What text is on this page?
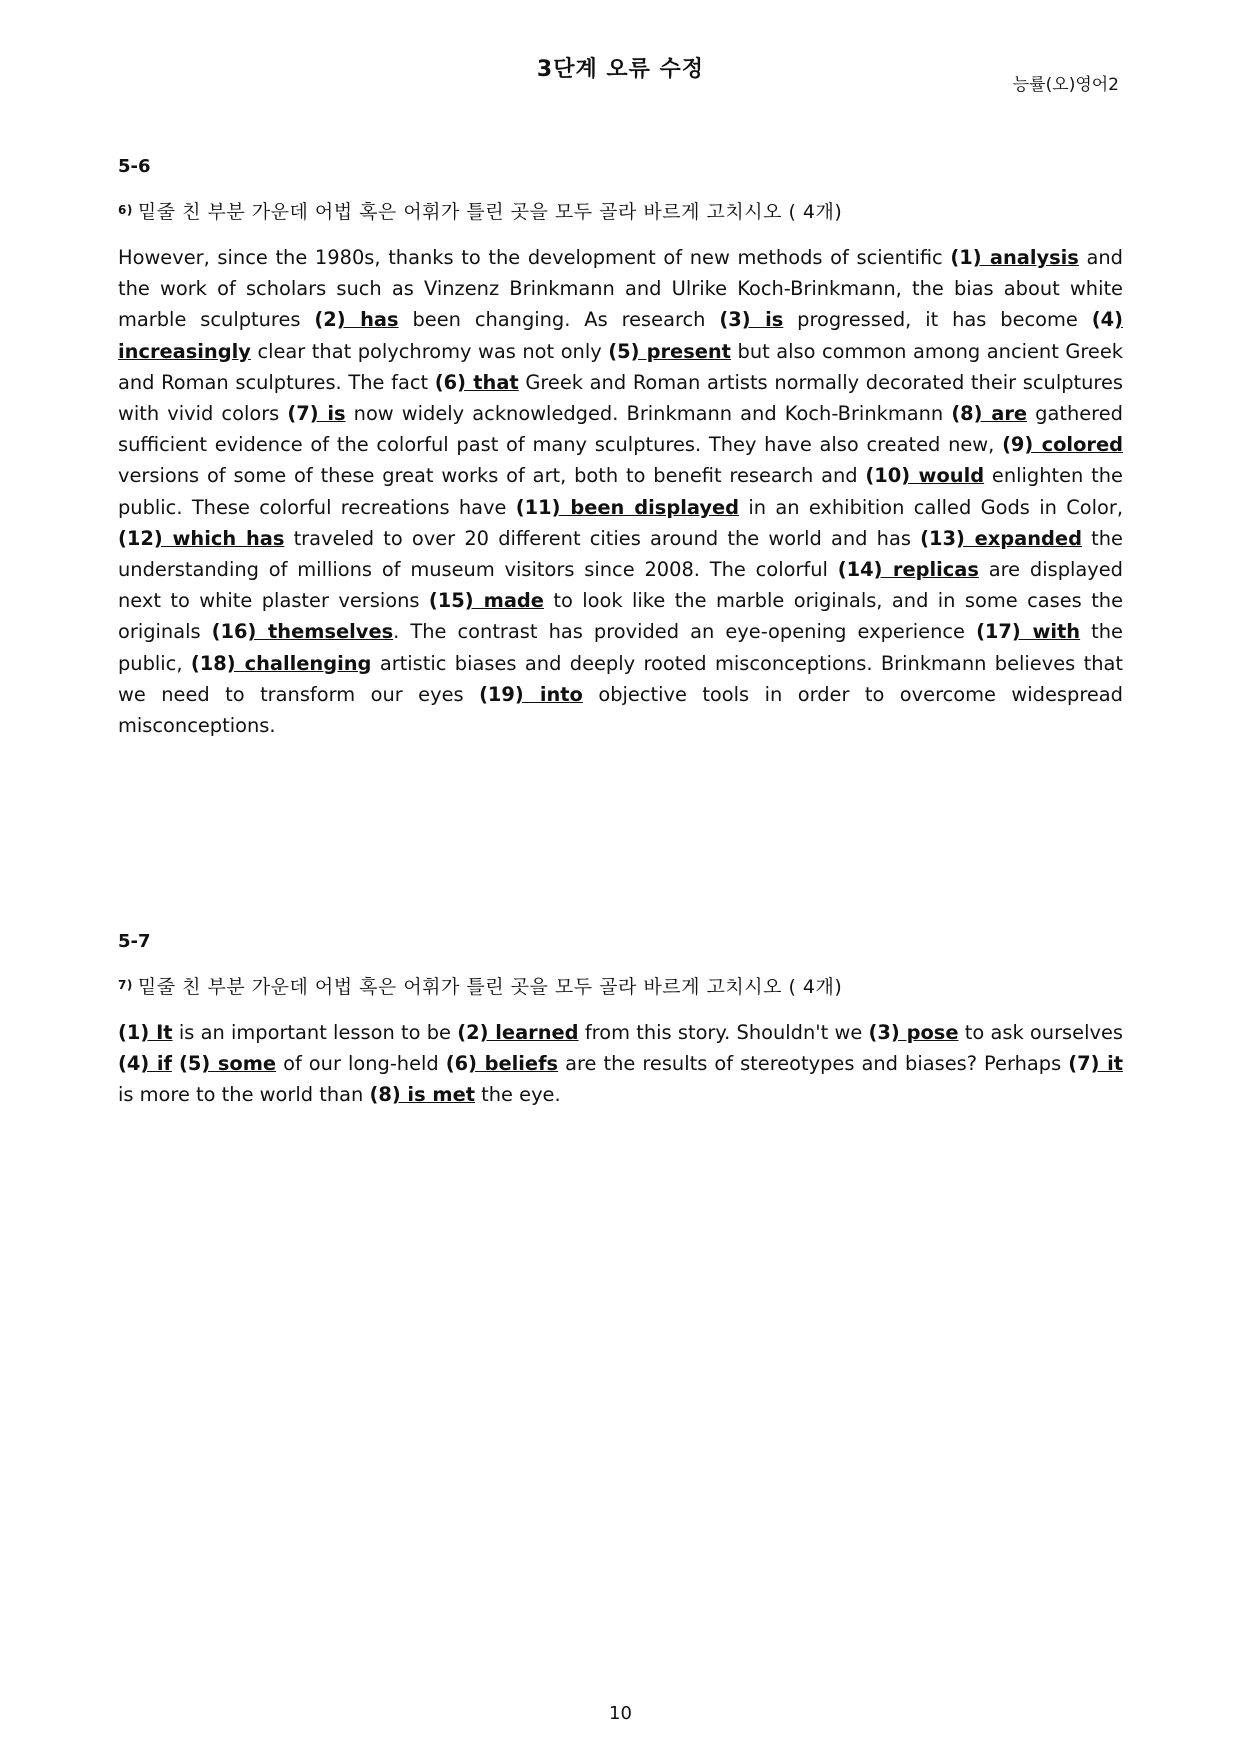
3단계 오류 수정
능률(오)영어2
5-6
$^{6)}$ 밑줄 친 부분 가운데 어법 혹은 어휘가 틀린 곳을 모두 골라 바르게 고치시오 ( 4개)

However, since the 1980s, thanks to the development of new methods of scientific (1) analysis and the work of scholars such as Vinzenz Brinkmann and Ulrike Koch-Brinkmann, the bias about white marble sculptures (2) has been changing. As research (3) is progressed, it has become (4) increasingly clear that polychromy was not only (5) present but also common among ancient Greek and Roman sculptures. The fact (6) that Greek and Roman artists normally decorated their sculptures with vivid colors (7) is now widely acknowledged. Brinkmann and Koch-Brinkmann (8) are gathered sufficient evidence of the colorful past of many sculptures. They have also created new, (9) colored versions of some of these great works of art, both to benefit research and (10) would enlighten the public. These colorful recreations have (11) been displayed in an exhibition called Gods in Color, (12) which has traveled to over 20 different cities around the world and has (13) expanded the understanding of millions of museum visitors since 2008. The colorful (14) replicas are displayed next to white plaster versions (15) made to look like the marble originals, and in some cases the originals (16) themselves. The contrast has provided an eye-opening experience (17) with the public, (18) challenging artistic biases and deeply rooted misconceptions. Brinkmann believes that we need to transform our eyes (19) into objective tools in order to overcome widespread misconceptions.

5-7
$^{7)}$ 밑줄 친 부분 가운데 어법 혹은 어휘가 틀린 곳을 모두 골라 바르게 고치시오 ( 4개)

(1) It is an important lesson to be (2) learned from this story. Shouldn't we (3) pose to ask ourselves (4) if (5) some of our long-held (6) beliefs are the results of stereotypes and biases? Perhaps (7) it is more to the world than (8) is met the eye.

10
